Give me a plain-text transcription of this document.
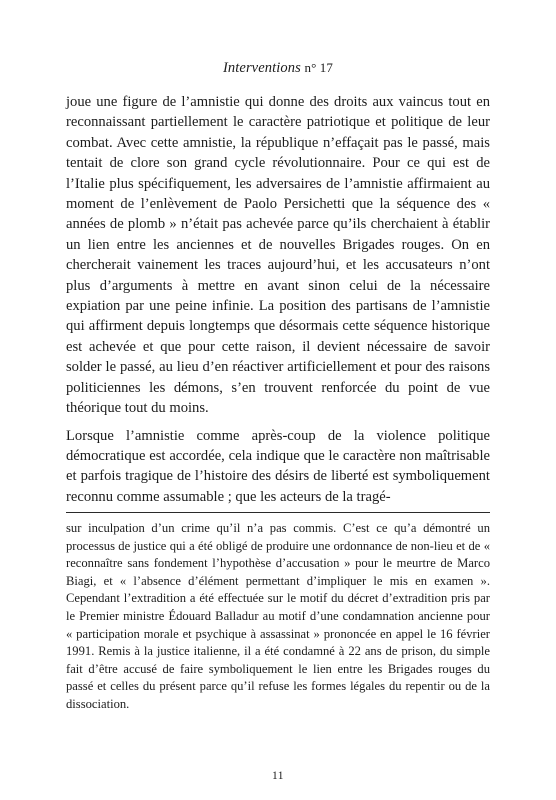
Interventions n° 17

joue une figure de l’amnistie qui donne des droits aux vaincus tout en reconnaissant partiellement le caractère patriotique et politique de leur combat. Avec cette amnistie, la république n’effaçait pas le passé, mais tentait de clore son grand cycle révolutionnaire. Pour ce qui est de l’Italie plus spécifiquement, les adversaires de l’amnistie affirmaient au moment de l’enlèvement de Paolo Persichetti que la séquence des « années de plomb » n’était pas achevée parce qu’ils cherchaient à établir un lien entre les anciennes et de nouvelles Brigades rouges. On en chercherait vainement les traces aujourd’hui, et les accusateurs n’ont plus d’arguments à mettre en avant sinon celui de la nécessaire expiation par une peine infinie. La position des partisans de l’amnistie qui affirment depuis longtemps que désormais cette séquence historique est achevée et que pour cette raison, il devient nécessaire de savoir solder le passé, au lieu d’en réactiver artificiellement et pour des raisons politiciennes les démons, s’en trouvent renforcée du point de vue théorique tout du moins.

Lorsque l’amnistie comme après-coup de la violence politique démocratique est accordée, cela indique que le caractère non maîtrisable et parfois tragique de l’histoire des désirs de liberté est symboliquement reconnu comme assumable ; que les acteurs de la tragé-

sur inculpation d’un crime qu’il n’a pas commis. C’est ce qu’a démontré un processus de justice qui a été obligé de produire une ordonnance de non-lieu et de « reconnaître sans fondement l’hypothèse d’accusation » pour le meurtre de Marco Biagi, et « l’absence d’élément permettant d’impliquer le mis en examen ». Cependant l’extradition a été effectuée sur le motif du décret d’extradition pris par le Premier ministre Édouard Balladur au motif d’une condamnation ancienne pour « participation morale et psychique à assassinat » prononcée en appel le 16 février 1991. Remis à la justice italienne, il a été condamné à 22 ans de prison, du simple fait d’être accusé de faire symboliquement le lien entre les Brigades rouges du passé et celles du présent parce qu’il refuse les formes légales du repentir ou de la dissociation.

11
